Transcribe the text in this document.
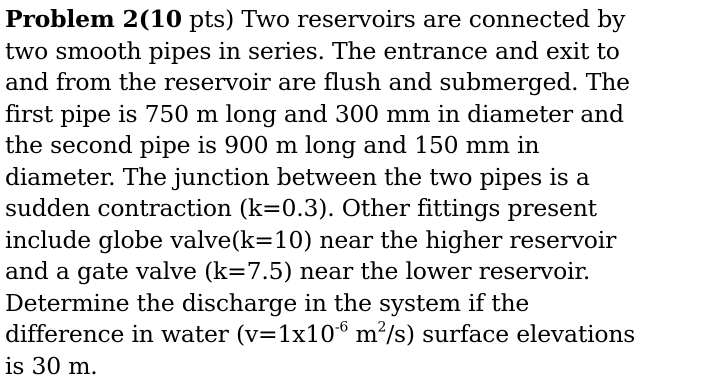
Problem 2(10 pts) Two reservoirs are connected by
two smooth pipes in series. The entrance and exit to
and from the reservoir are flush and submerged. The
first pipe is 750 m long and 300 mm in diameter and
the second pipe is 900 m long and 150 mm in
diameter. The junction between the two pipes is a
sudden contraction (k=0.3). Other fittings present
include globe valve(k=10) near the higher reservoir
and a gate valve (k=7.5) near the lower reservoir.
Determine the discharge in the system if the
difference in water ($v=1x10^{-6}$ $m^2/s$) surface elevations
is 30 m.
